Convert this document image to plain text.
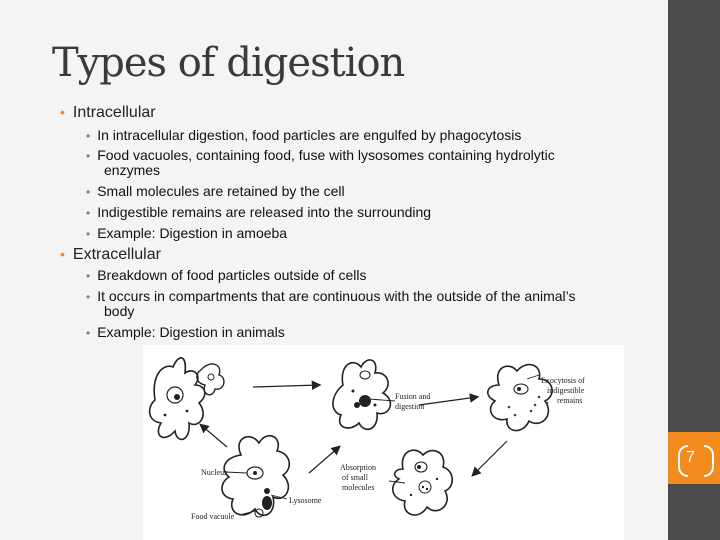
Types of digestion
• Intracellular
• In intracellular digestion, food particles are engulfed by phagocytosis
• Food vacuoles, containing food, fuse with lysosomes containing hydrolytic
enzymes
• Small molecules are retained by the cell
• Indigestible remains are released into the surrounding
• Example: Digestion in amoeba
• Extracellular
• Breakdown of food particles outside of cells
• It occurs in compartments that are continuous with the outside of the animal’s
body
• Example: Digestion in animals
Fusion and
digestion
Exocytosis of
indigestible
remains
Nucleus
Lysosome
Food vacuole
Absorption
of small
molecules
7
